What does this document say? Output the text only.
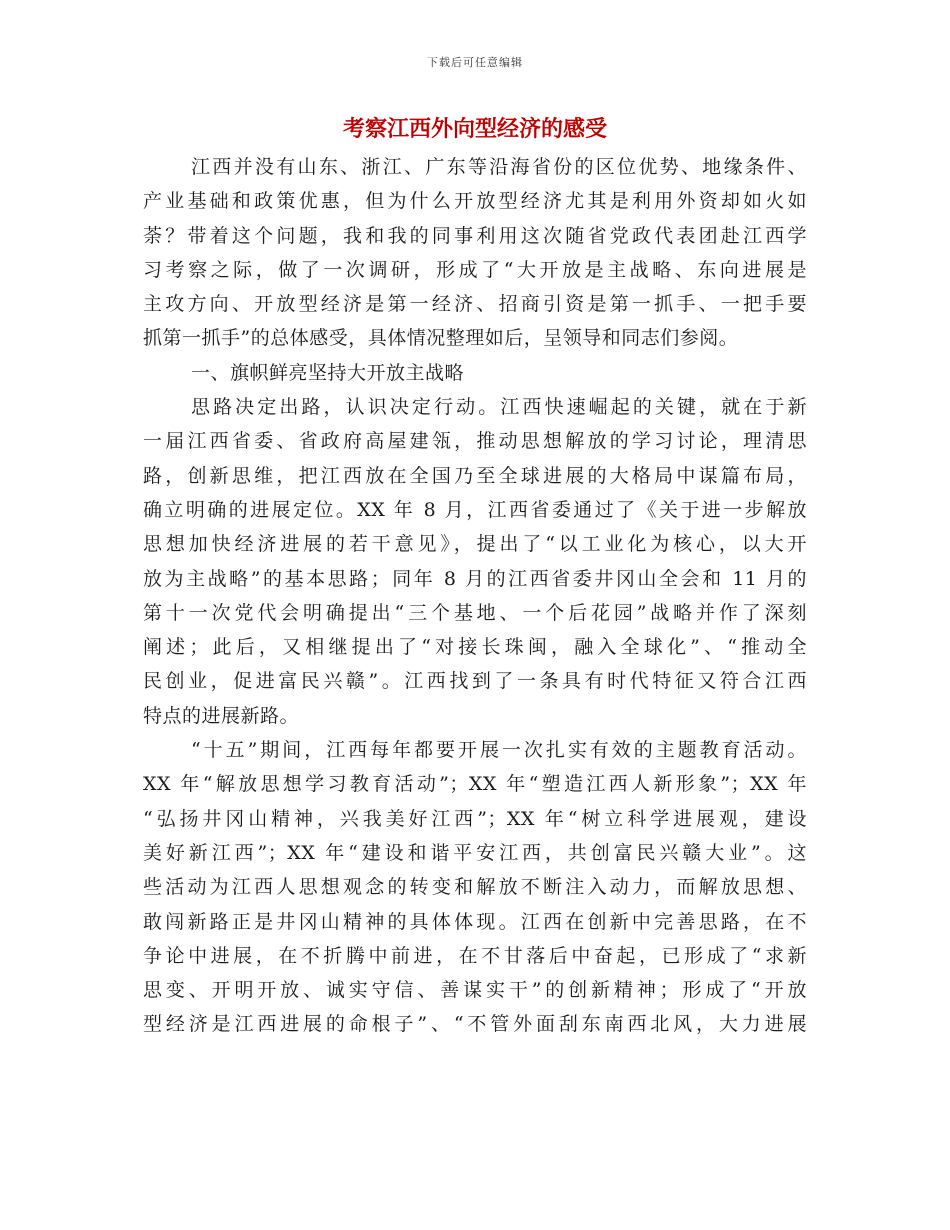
下载后可任意编辑
考察江西外向型经济的感受
江西并没有山东、浙江、广东等沿海省份的区位优势、地缘条件、
产业基础和政策优惠，但为什么开放型经济尤其是利用外资却如火如
荼？带着这个问题，我和我的同事利用这次随省党政代表团赴江西学
习考察之际，做了一次调研，形成了“大开放是主战略、东向进展是
主攻方向、开放型经济是第一经济、招商引资是第一抓手、一把手要
抓第一抓手”的总体感受，具体情况整理如后，呈领导和同志们参阅。
一、旗帜鲜亮坚持大开放主战略
思路决定出路，认识决定行动。江西快速崛起的关键，就在于新
一届江西省委、省政府高屋建瓴，推动思想解放的学习讨论，理清思
路，创新思维，把江西放在全国乃至全球进展的大格局中谋篇布局，
确立明确的进展定位。XX 年 8 月，江西省委通过了《关于进一步解放
思想加快经济进展的若干意见》，提出了“以工业化为核心，以大开
放为主战略”的基本思路；同年 8 月的江西省委井冈山全会和 11 月的
第十一次党代会明确提出“三个基地、一个后花园”战略并作了深刻
阐述；此后，又相继提出了“对接长珠闽，融入全球化”、“推动全
民创业，促进富民兴赣”。江西找到了一条具有时代特征又符合江西
特点的进展新路。
“十五”期间，江西每年都要开展一次扎实有效的主题教育活动。
XX 年“解放思想学习教育活动”；XX 年“塑造江西人新形象”；XX 年
“弘扬井冈山精神，兴我美好江西”；XX 年“树立科学进展观，建设
美好新江西”；XX 年“建设和谐平安江西，共创富民兴赣大业”。这
些活动为江西人思想观念的转变和解放不断注入动力，而解放思想、
敢闯新路正是井冈山精神的具体体现。江西在创新中完善思路，在不
争论中进展，在不折腾中前进，在不甘落后中奋起，已形成了“求新
思变、开明开放、诚实守信、善谋实干”的创新精神；形成了“开放
型经济是江西进展的命根子”、“不管外面刮东南西北风，大力进展
